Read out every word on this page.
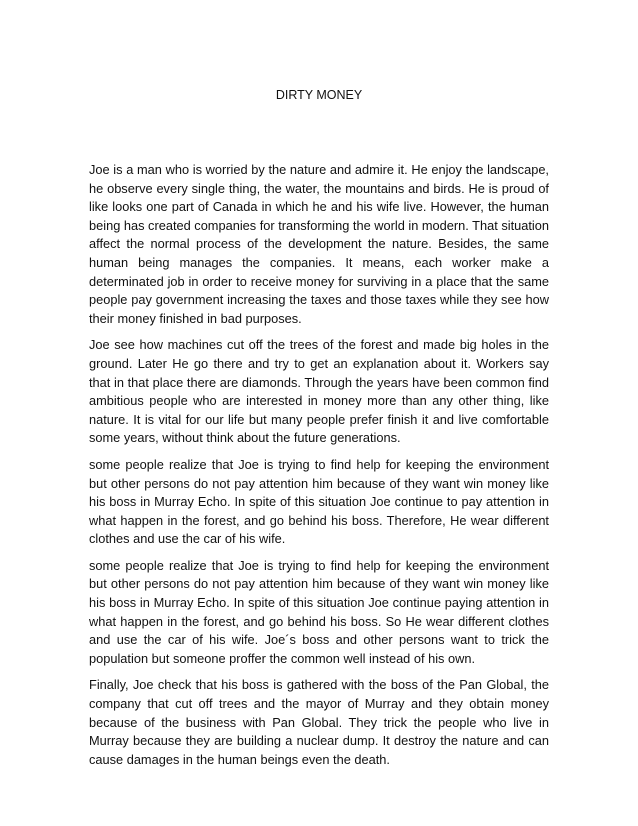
DIRTY MONEY

Joe is a man who is worried by the nature and admire it. He enjoy the landscape, he observe every single thing, the water, the mountains and birds. He is proud of like looks one part of Canada in which he and his wife live. However, the human being has created companies for transforming the world in modern. That situation affect the normal process of the development the nature. Besides, the same human being manages the companies. It means, each worker make a determinated job in order to receive money for surviving in a place that the same people pay government increasing the taxes and those taxes while they see how their money finished in bad purposes.

Joe see how machines cut off the trees of the forest and made big holes in the ground. Later He go there and try to get an explanation about it. Workers say that in that place there are diamonds. Through the years have been common find ambitious people who are interested in money more than any other thing, like nature. It is vital for our life but many people prefer finish it and live comfortable some years, without think about the future generations.

some people realize that Joe is trying to find help for keeping the environment but other persons do not pay attention him because of they want win money like his boss in Murray Echo. In spite of this situation Joe continue to pay attention in what happen in the forest, and go behind his boss. Therefore, He wear different clothes and use the car of his wife.

some people realize that Joe is trying to find help for keeping the environment but other persons do not pay attention him because of they want win money like his boss in Murray Echo. In spite of this situation Joe continue paying attention in what happen in the forest, and go behind his boss. So He wear different clothes and use the car of his wife. Joe´s boss and other persons want to trick the population but someone proffer the common well instead of his own.

Finally, Joe check that his boss is gathered with the boss of the Pan Global, the company that cut off trees and the mayor of Murray and they obtain money because of the business with Pan Global. They trick the people who live in Murray because they are building a nuclear dump. It destroy the nature and can cause damages in the human beings even the death.
